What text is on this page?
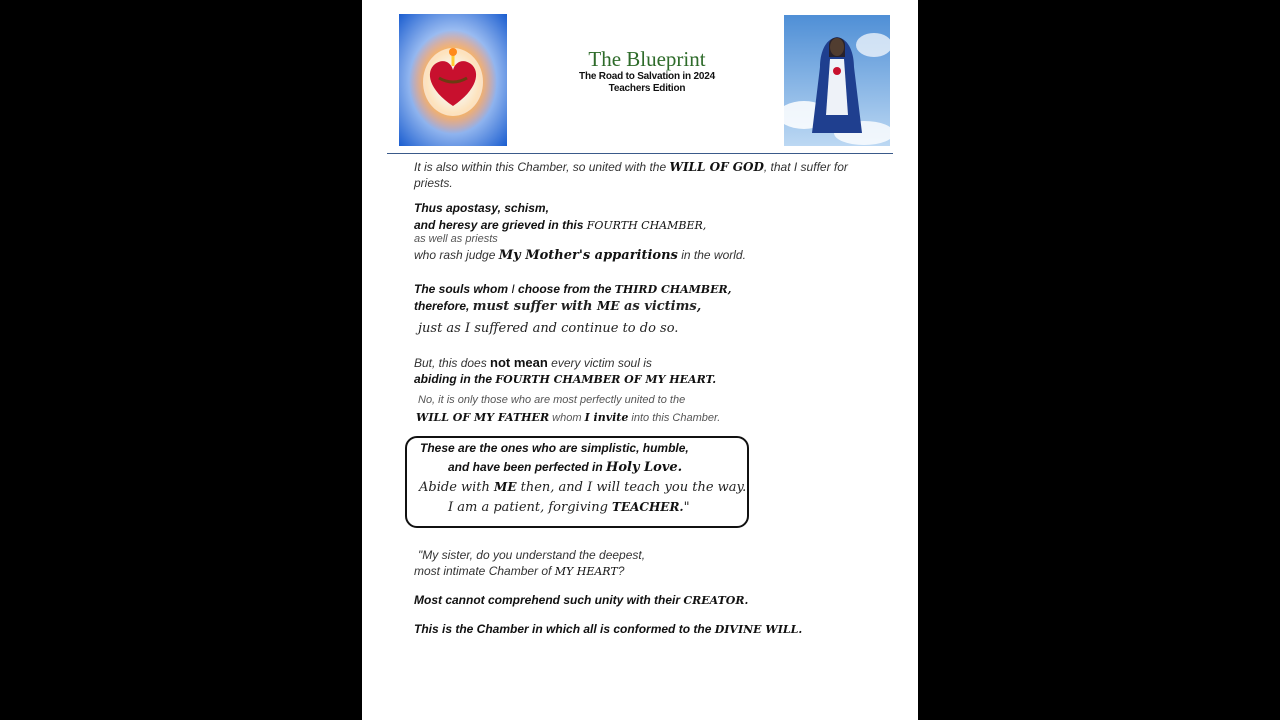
The Blueprint
The Road to Salvation in 2024
Teachers Edition
It is also within this Chamber, so united with the WILL OF GOD, that I suffer for
priests.
Thus apostasy, schism,
and heresy are grieved in this FOURTH CHAMBER,
as well as priests
who rash judge My Mother's apparitions in the world.
The souls whom I choose from the THIRD CHAMBER,
therefore, must suffer with ME as victims,
just as I suffered and continue to do so.
But, this does not mean every victim soul is
abiding in the FOURTH CHAMBER OF MY HEART.
No, it is only those who are most perfectly united to the
WILL OF MY FATHER whom I invite into this Chamber.
These are the ones who are simplistic, humble,
and have been perfected in Holy Love.
Abide with ME then, and I will teach you the way.
I am a patient, forgiving TEACHER."
"My sister, do you understand the deepest,
most intimate Chamber of MY HEART?
Most cannot comprehend such unity with their CREATOR.
This is the Chamber in which all is conformed to the DIVINE WILL.
